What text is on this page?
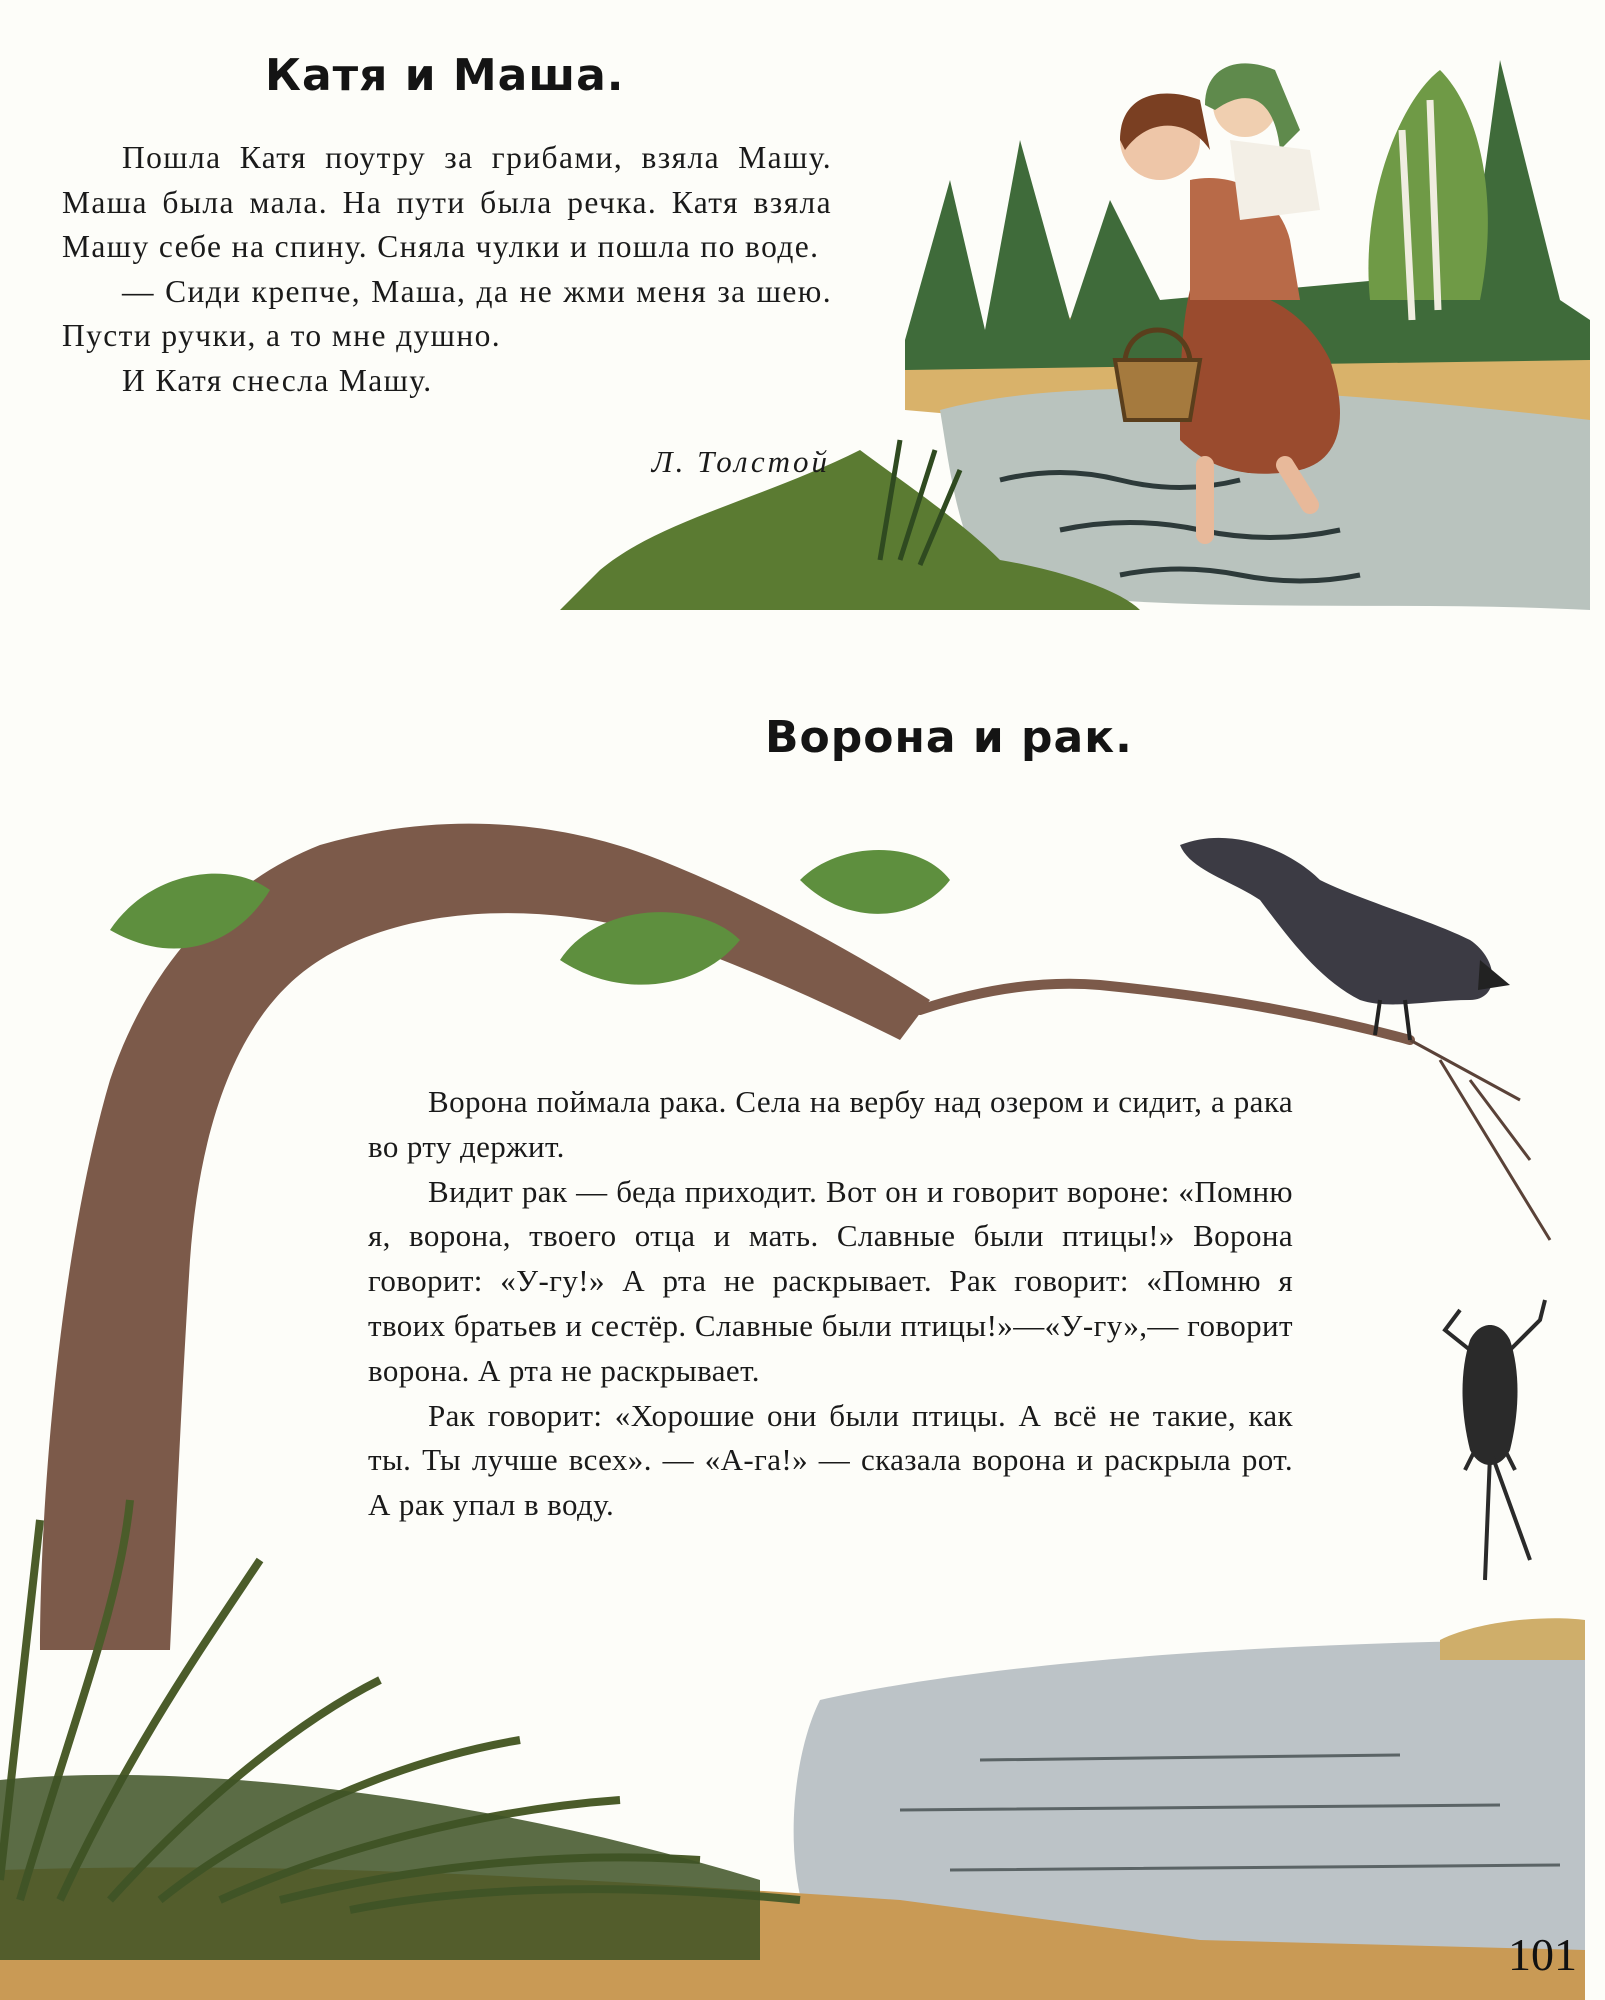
Катя и Маша.

Пошла Катя поутру за грибами, взяла Машу. Маша была мала. На пути была речка. Катя взяла Машу себе на спину. Сняла чулки и пошла по воде.

— Сиди крепче, Маша, да не жми меня за шею. Пусти ручки, а то мне душно.

И Катя снесла Машу.

Л. Толстой
Ворона и рак.

Ворона поймала рака. Села на вербу над озером и сидит, а рака во рту держит.

Видит рак — беда приходит. Вот он и говорит вороне: «Помню я, ворона, твоего отца и мать. Славные были птицы!» Ворона говорит: «У-гу!» А рта не раскрывает. Рак говорит: «Помню я твоих братьев и сестёр. Славные были птицы!»—«У-гу»,— говорит ворона. А рта не раскрывает.

Рак говорит: «Хорошие они были птицы. А всё не такие, как ты. Ты лучше всех». — «А-га!» — сказала ворона и раскрыла рот. А рак упал в воду.

101
